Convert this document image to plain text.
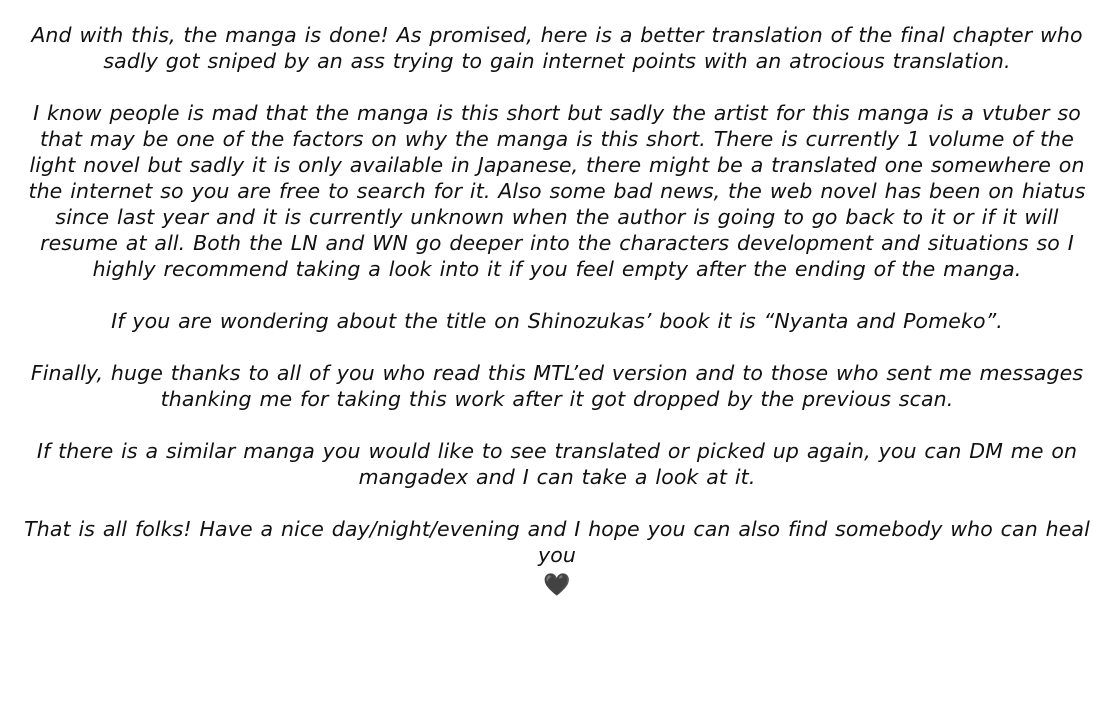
And with this, the manga is done! As promised, here is a better translation of the final chapter who sadly got sniped by an ass trying to gain internet points with an atrocious translation.

I know people is mad that the manga is this short but sadly the artist for this manga is a vtuber so that may be one of the factors on why the manga is this short. There is currently 1 volume of the light novel but sadly it is only available in Japanese, there might be a translated one somewhere on the internet so you are free to search for it. Also some bad news, the web novel has been on hiatus since last year and it is currently unknown when the author is going to go back to it or if it will resume at all. Both the LN and WN go deeper into the characters development and situations so I highly recommend taking a look into it if you feel empty after the ending of the manga.

If you are wondering about the title on Shinozukas’ book it is “Nyanta and Pomeko”.

Finally, huge thanks to all of you who read this MTL’ed version and to those who sent me messages thanking me for taking this work after it got dropped by the previous scan.

If there is a similar manga you would like to see translated or picked up again, you can DM me on mangadex and I can take a look at it.

That is all folks! Have a nice day/night/evening and I hope you can also find somebody who can heal you

🖤
